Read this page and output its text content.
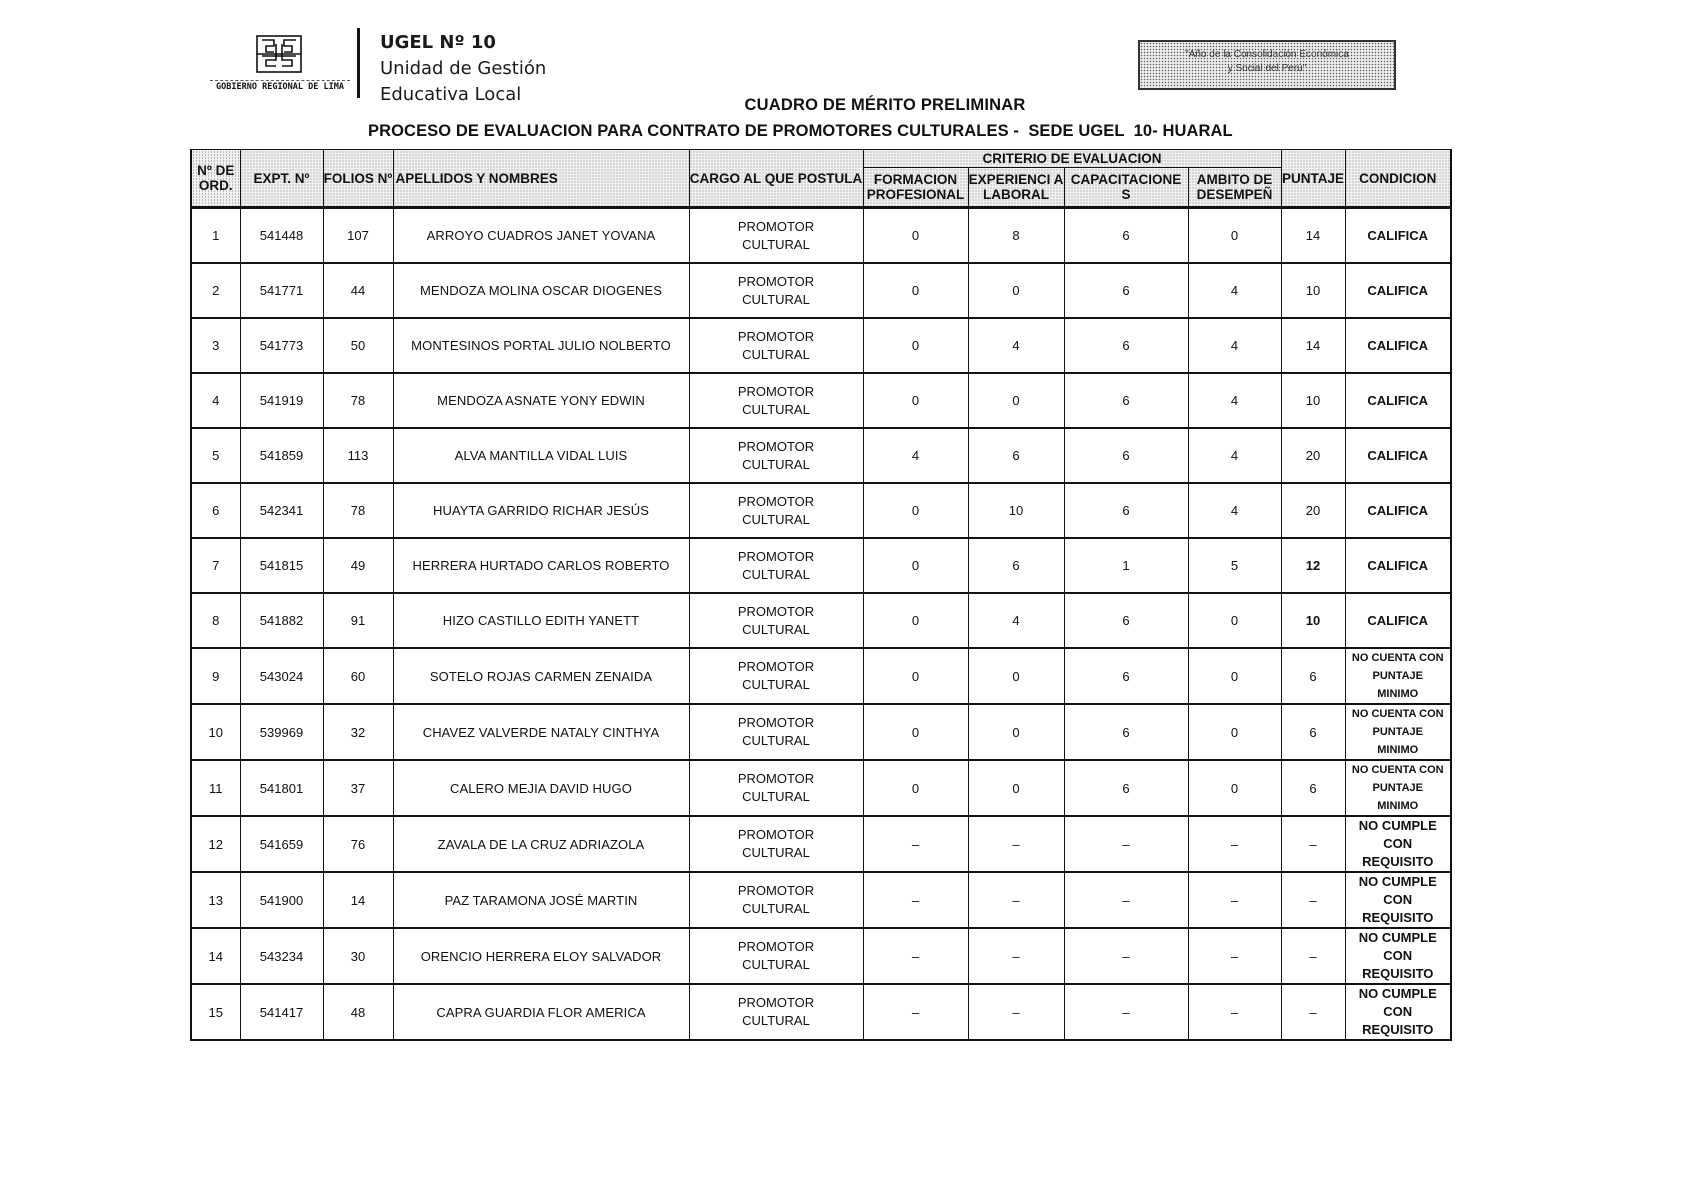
GOBIERNO REGIONAL DE LIMA
UGEL Nº 10
Unidad de Gestión
Educativa Local
"Año de la Consolidación Económica
y Social del Perú"
CUADRO DE MÉRITO PRELIMINAR
PROCESO DE EVALUACION PARA CONTRATO DE PROMOTORES CULTURALES -  SEDE UGEL  10- HUARAL
Nº DE ORD.	EXPT. Nº	FOLIOS Nº	APELLIDOS Y NOMBRES	CARGO AL QUE POSTULA	CRITERIO DE EVALUACION				PUNTAJE	CONDICION
					FORMACION PROFESIONAL	EXPERIENCI A LABORAL	CAPACITACIONE S	AMBITO DE DESEMPEÑ		
1	541448	107	ARROYO CUADROS JANET YOVANA	PROMOTOR
CULTURAL	0	8	6	0	14	CALIFICA

2	541771	44	MENDOZA MOLINA OSCAR DIOGENES	PROMOTOR
CULTURAL	0	0	6	4	10	CALIFICA

3	541773	50	MONTESINOS PORTAL JULIO NOLBERTO	PROMOTOR
CULTURAL	0	4	6	4	14	CALIFICA

4	541919	78	MENDOZA ASNATE YONY EDWIN	PROMOTOR
CULTURAL	0	0	6	4	10	CALIFICA

5	541859	113	ALVA MANTILLA VIDAL LUIS	PROMOTOR
CULTURAL	4	6	6	4	20	CALIFICA

6	542341	78	HUAYTA GARRIDO RICHAR JESÚS	PROMOTOR
CULTURAL	0	10	6	4	20	CALIFICA

7	541815	49	HERRERA HURTADO CARLOS ROBERTO	PROMOTOR
CULTURAL	0	6	1	5	12	CALIFICA

8	541882	91	HIZO CASTILLO EDITH YANETT	PROMOTOR
CULTURAL	0	4	6	0	10	CALIFICA

9	543024	60	SOTELO ROJAS CARMEN ZENAIDA	PROMOTOR
CULTURAL	0	0	6	0	6	NO CUENTA CON
PUNTAJE
MINIMO

10	539969	32	CHAVEZ VALVERDE NATALY CINTHYA	PROMOTOR
CULTURAL	0	0	6	0	6	NO CUENTA CON
PUNTAJE
MINIMO

11	541801	37	CALERO MEJIA DAVID HUGO	PROMOTOR
CULTURAL	0	0	6	0	6	NO CUENTA CON
PUNTAJE
MINIMO

12	541659	76	ZAVALA DE LA CRUZ ADRIAZOLA	PROMOTOR
CULTURAL	–	–	–	–	–	NO CUMPLE
CON
REQUISITO

13	541900	14	PAZ TARAMONA JOSÉ MARTIN	PROMOTOR
CULTURAL	–	–	–	–	–	NO CUMPLE
CON
REQUISITO

14	543234	30	ORENCIO HERRERA ELOY SALVADOR	PROMOTOR
CULTURAL	–	–	–	–	–	NO CUMPLE
CON
REQUISITO

15	541417	48	CAPRA GUARDIA FLOR AMERICA	PROMOTOR
CULTURAL	–	–	–	–	–	NO CUMPLE
CON
REQUISITO
